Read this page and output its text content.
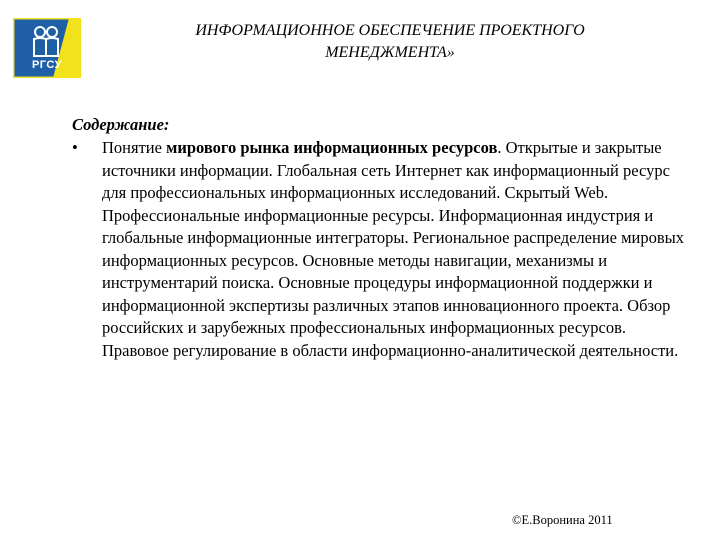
РГСУ
ИНФОРМАЦИОННОЕ ОБЕСПЕЧЕНИЕ ПРОЕКТНОГО
МЕНЕДЖМЕНТА»
Содержание:
• Понятие мирового рынка информационных ресурсов. Открытые и закрытые источники информации. Глобальная сеть Интернет как информационный ресурс для профессиональных информационных исследований. Скрытый Web. Профессиональные информационные ресурсы. Информационная индустрия и глобальные информационные интеграторы. Региональное распределение мировых информационных ресурсов. Основные методы навигации, механизмы и инструментарий поиска. Основные процедуры информационной поддержки и информационной экспертизы различных этапов инновационного проекта. Обзор российских и зарубежных профессиональных информационных ресурсов. Правовое регулирование в области информационно-аналитической деятельности.
©Е.Воронина 2011
